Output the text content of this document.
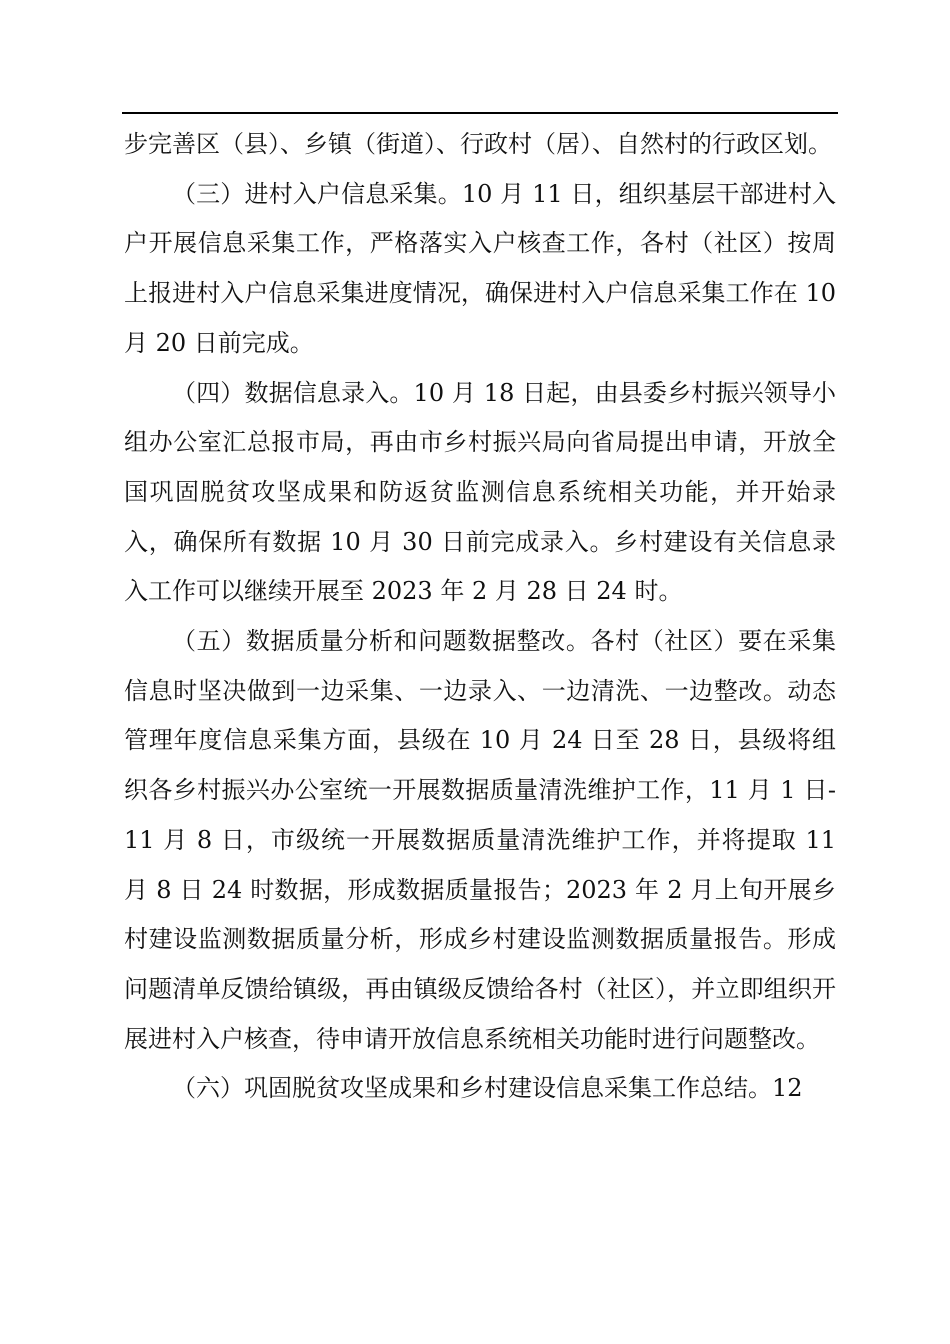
步完善区（县）、乡镇（街道）、行政村（居）、自然村的行政区划。

（三）进村入户信息采集。10 月 11 日，组织基层干部进村入户开展信息采集工作，严格落实入户核查工作，各村（社区）按周上报进村入户信息采集进度情况，确保进村入户信息采集工作在 10 月 20 日前完成。

（四）数据信息录入。10 月 18 日起，由县委乡村振兴领导小组办公室汇总报市局，再由市乡村振兴局向省局提出申请，开放全国巩固脱贫攻坚成果和防返贫监测信息系统相关功能，并开始录入，确保所有数据 10 月 30 日前完成录入。乡村建设有关信息录入工作可以继续开展至 2023 年 2 月 28 日 24 时。

（五）数据质量分析和问题数据整改。各村（社区）要在采集信息时坚决做到一边采集、一边录入、一边清洗、一边整改。动态管理年度信息采集方面，县级在 10 月 24 日至 28 日，县级将组织各乡村振兴办公室统一开展数据质量清洗维护工作，11 月 1 日-11 月 8 日，市级统一开展数据质量清洗维护工作，并将提取 11 月 8 日 24 时数据，形成数据质量报告；2023 年 2 月上旬开展乡村建设监测数据质量分析，形成乡村建设监测数据质量报告。形成问题清单反馈给镇级，再由镇级反馈给各村（社区），并立即组织开展进村入户核查，待申请开放信息系统相关功能时进行问题整改。

（六）巩固脱贫攻坚成果和乡村建设信息采集工作总结。12
